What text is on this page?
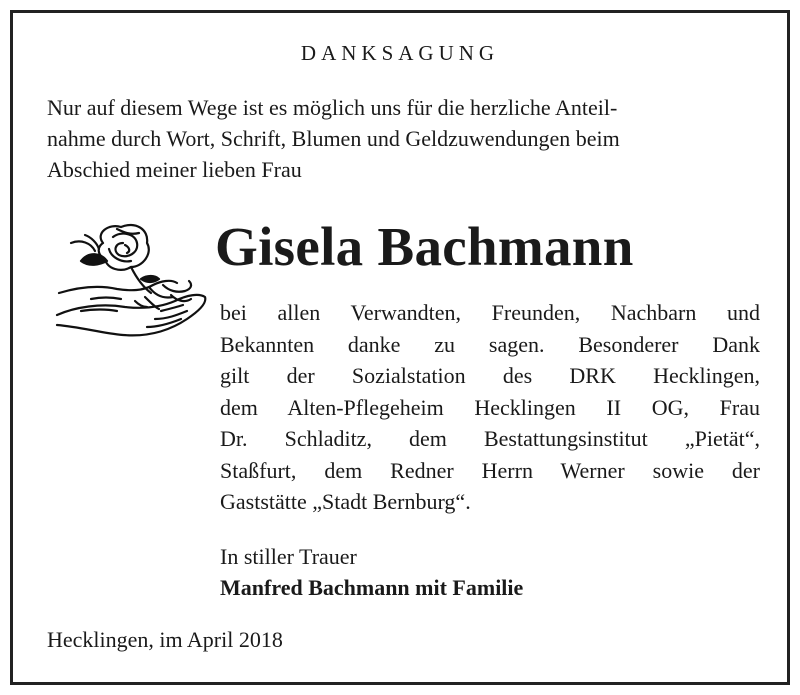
DANKSAGUNG

Nur auf diesem Wege ist es möglich uns für die herzliche Anteil-
nahme durch Wort, Schrift, Blumen und Geldzuwendungen beim
Abschied meiner lieben Frau

Gisela Bachmann

bei allen Verwandten, Freunden, Nachbarn und
Bekannten danke zu sagen. Besonderer Dank
gilt der Sozialstation des DRK Hecklingen,
dem Alten-Pflegeheim Hecklingen II OG, Frau
Dr. Schladitz, dem Bestattungsinstitut „Pietät“,
Staßfurt, dem Redner Herrn Werner sowie der
Gaststätte „Stadt Bernburg“.

In stiller Trauer
Manfred Bachmann mit Familie
Hecklingen, im April 2018
